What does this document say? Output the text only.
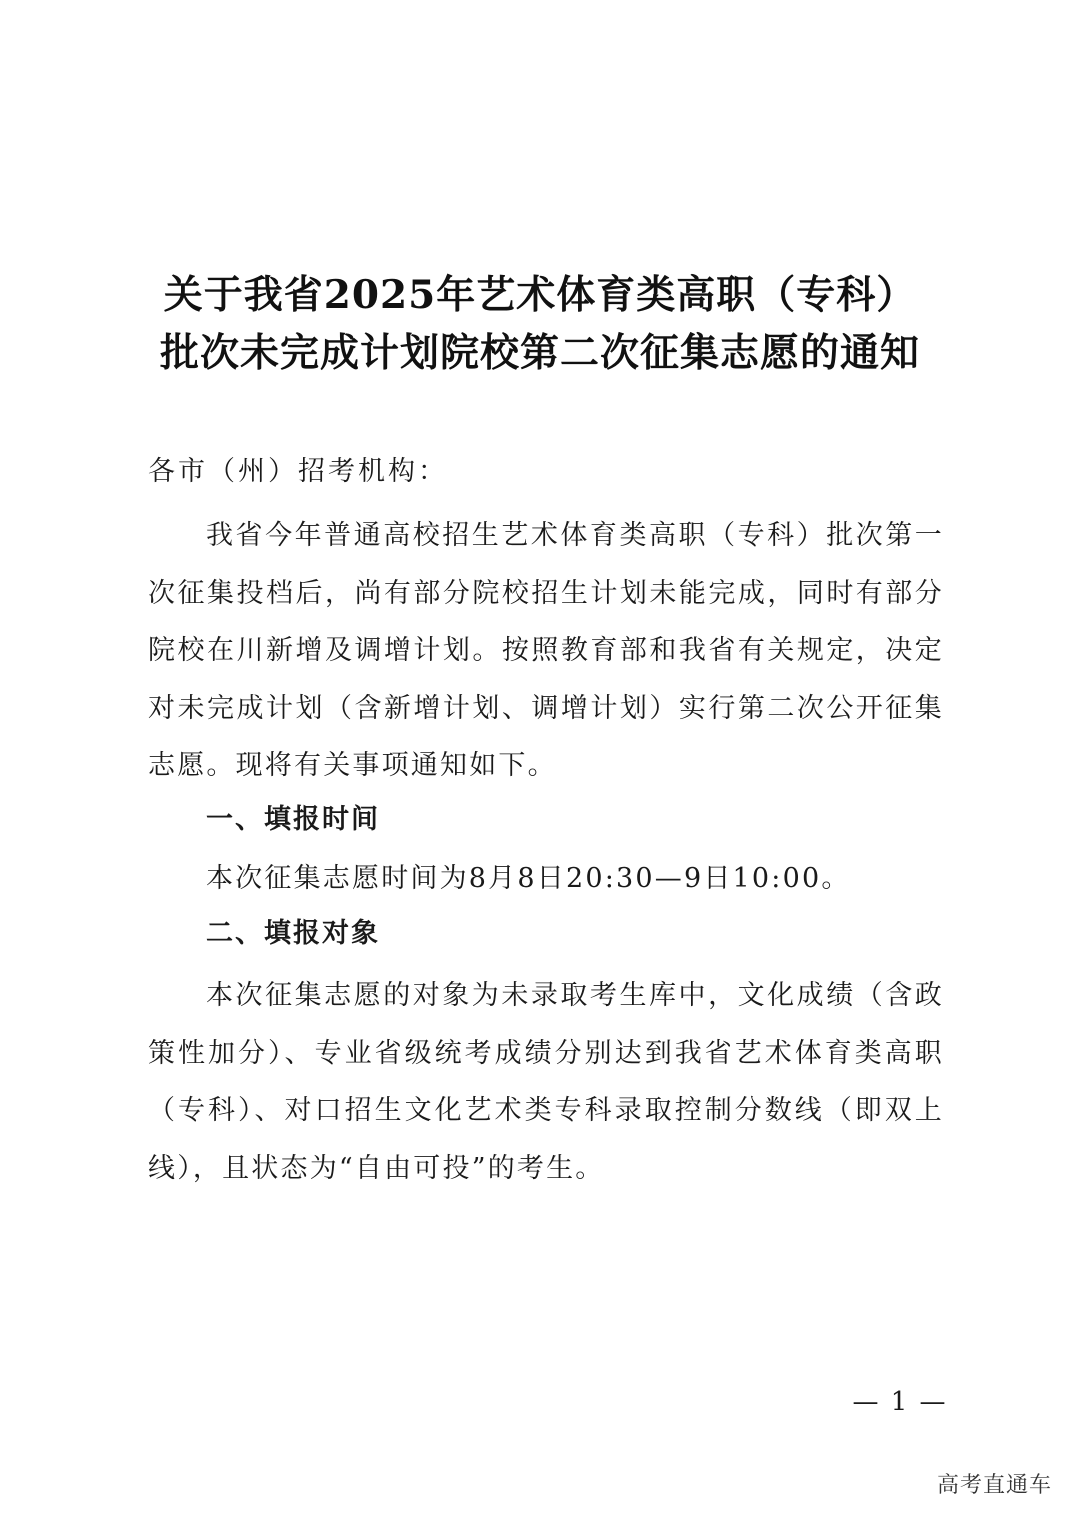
关于我省2025年艺术体育类高职（专科）
批次未完成计划院校第二次征集志愿的通知
各市（州）招考机构：

我省今年普通高校招生艺术体育类高职（专科）批次第一次征集投档后，尚有部分院校招生计划未能完成，同时有部分院校在川新增及调增计划。按照教育部和我省有关规定，决定对未完成计划（含新增计划、调增计划）实行第二次公开征集志愿。现将有关事项通知如下。

一、填报时间

本次征集志愿时间为8月8日20:30—9日10:00。

二、填报对象

本次征集志愿的对象为未录取考生库中，文化成绩（含政策性加分）、专业省级统考成绩分别达到我省艺术体育类高职（专科）、对口招生文化艺术类专科录取控制分数线（即双上线），且状态为“自由可投”的考生。

— 1 —
高考直通车
